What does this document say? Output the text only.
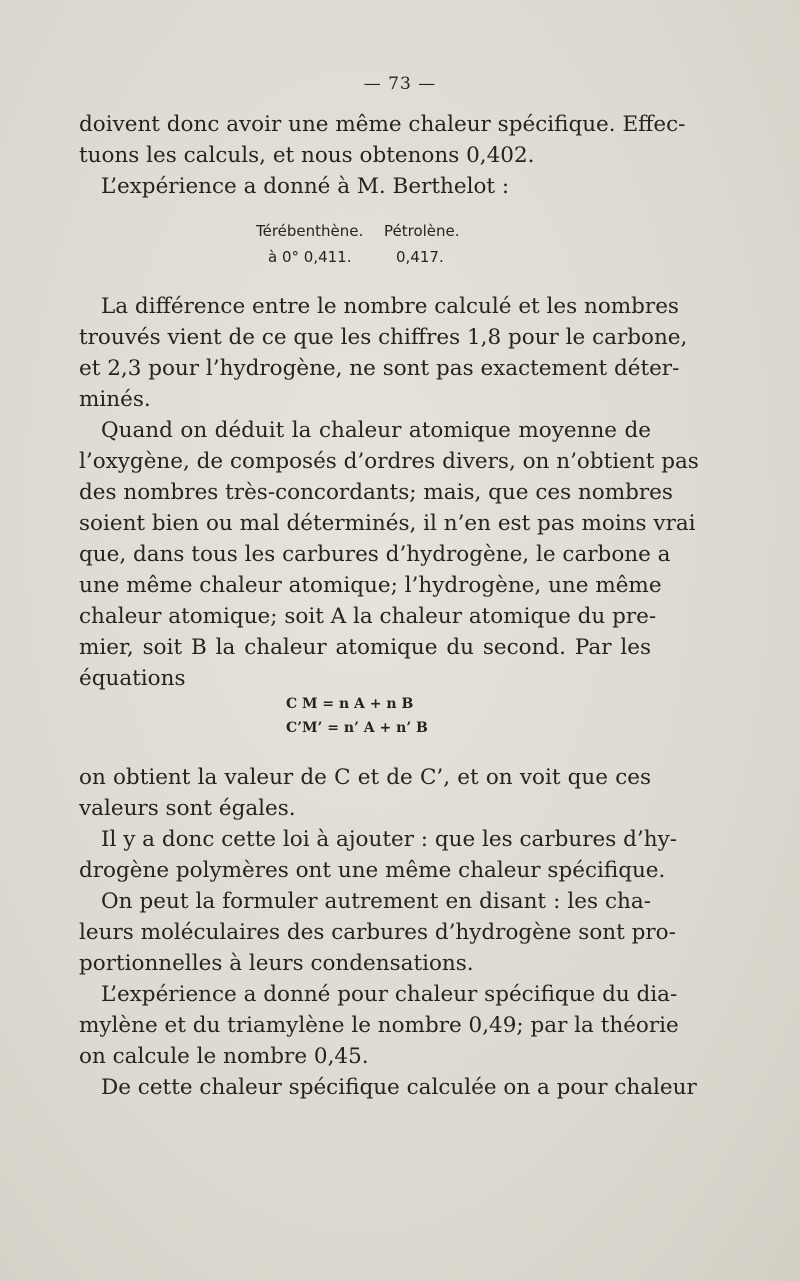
— 73 —
doivent donc avoir une même chaleur spécifique. Effec-
tuons les calculs, et nous obtenons 0,402.
L’expérience a donné à M. Berthelot :
Térébenthène.	Pétrolène.
à 0° 0,411.	0,417.
La différence entre le nombre calculé et les nombres
trouvés vient de ce que les chiffres 1,8 pour le carbone,
et 2,3 pour l’hydrogène, ne sont pas exactement déter-
minés.
Quand on déduit la chaleur atomique moyenne de
l’oxygène, de composés d’ordres divers, on n’obtient pas
des nombres très-concordants; mais, que ces nombres
soient bien ou mal déterminés, il n’en est pas moins vrai
que, dans tous les carbures d’hydrogène, le carbone a
une même chaleur atomique; l’hydrogène, une même
chaleur atomique; soit A la chaleur atomique du pre-
mier, soit B la chaleur atomique du second. Par les
équations
C M = n A + n B
C’M’ = n’ A + n’ B
on obtient la valeur de C et de C’, et on voit que ces
valeurs sont égales.
Il y a donc cette loi à ajouter : que les carbures d’hy-
drogène polymères ont une même chaleur spécifique.
On peut la formuler autrement en disant : les cha-
leurs moléculaires des carbures d’hydrogène sont pro-
portionnelles à leurs condensations.
L’expérience a donné pour chaleur spécifique du dia-
mylène et du triamylène le nombre 0,49; par la théorie
on calcule le nombre 0,45.
De cette chaleur spécifique calculée on a pour chaleur
